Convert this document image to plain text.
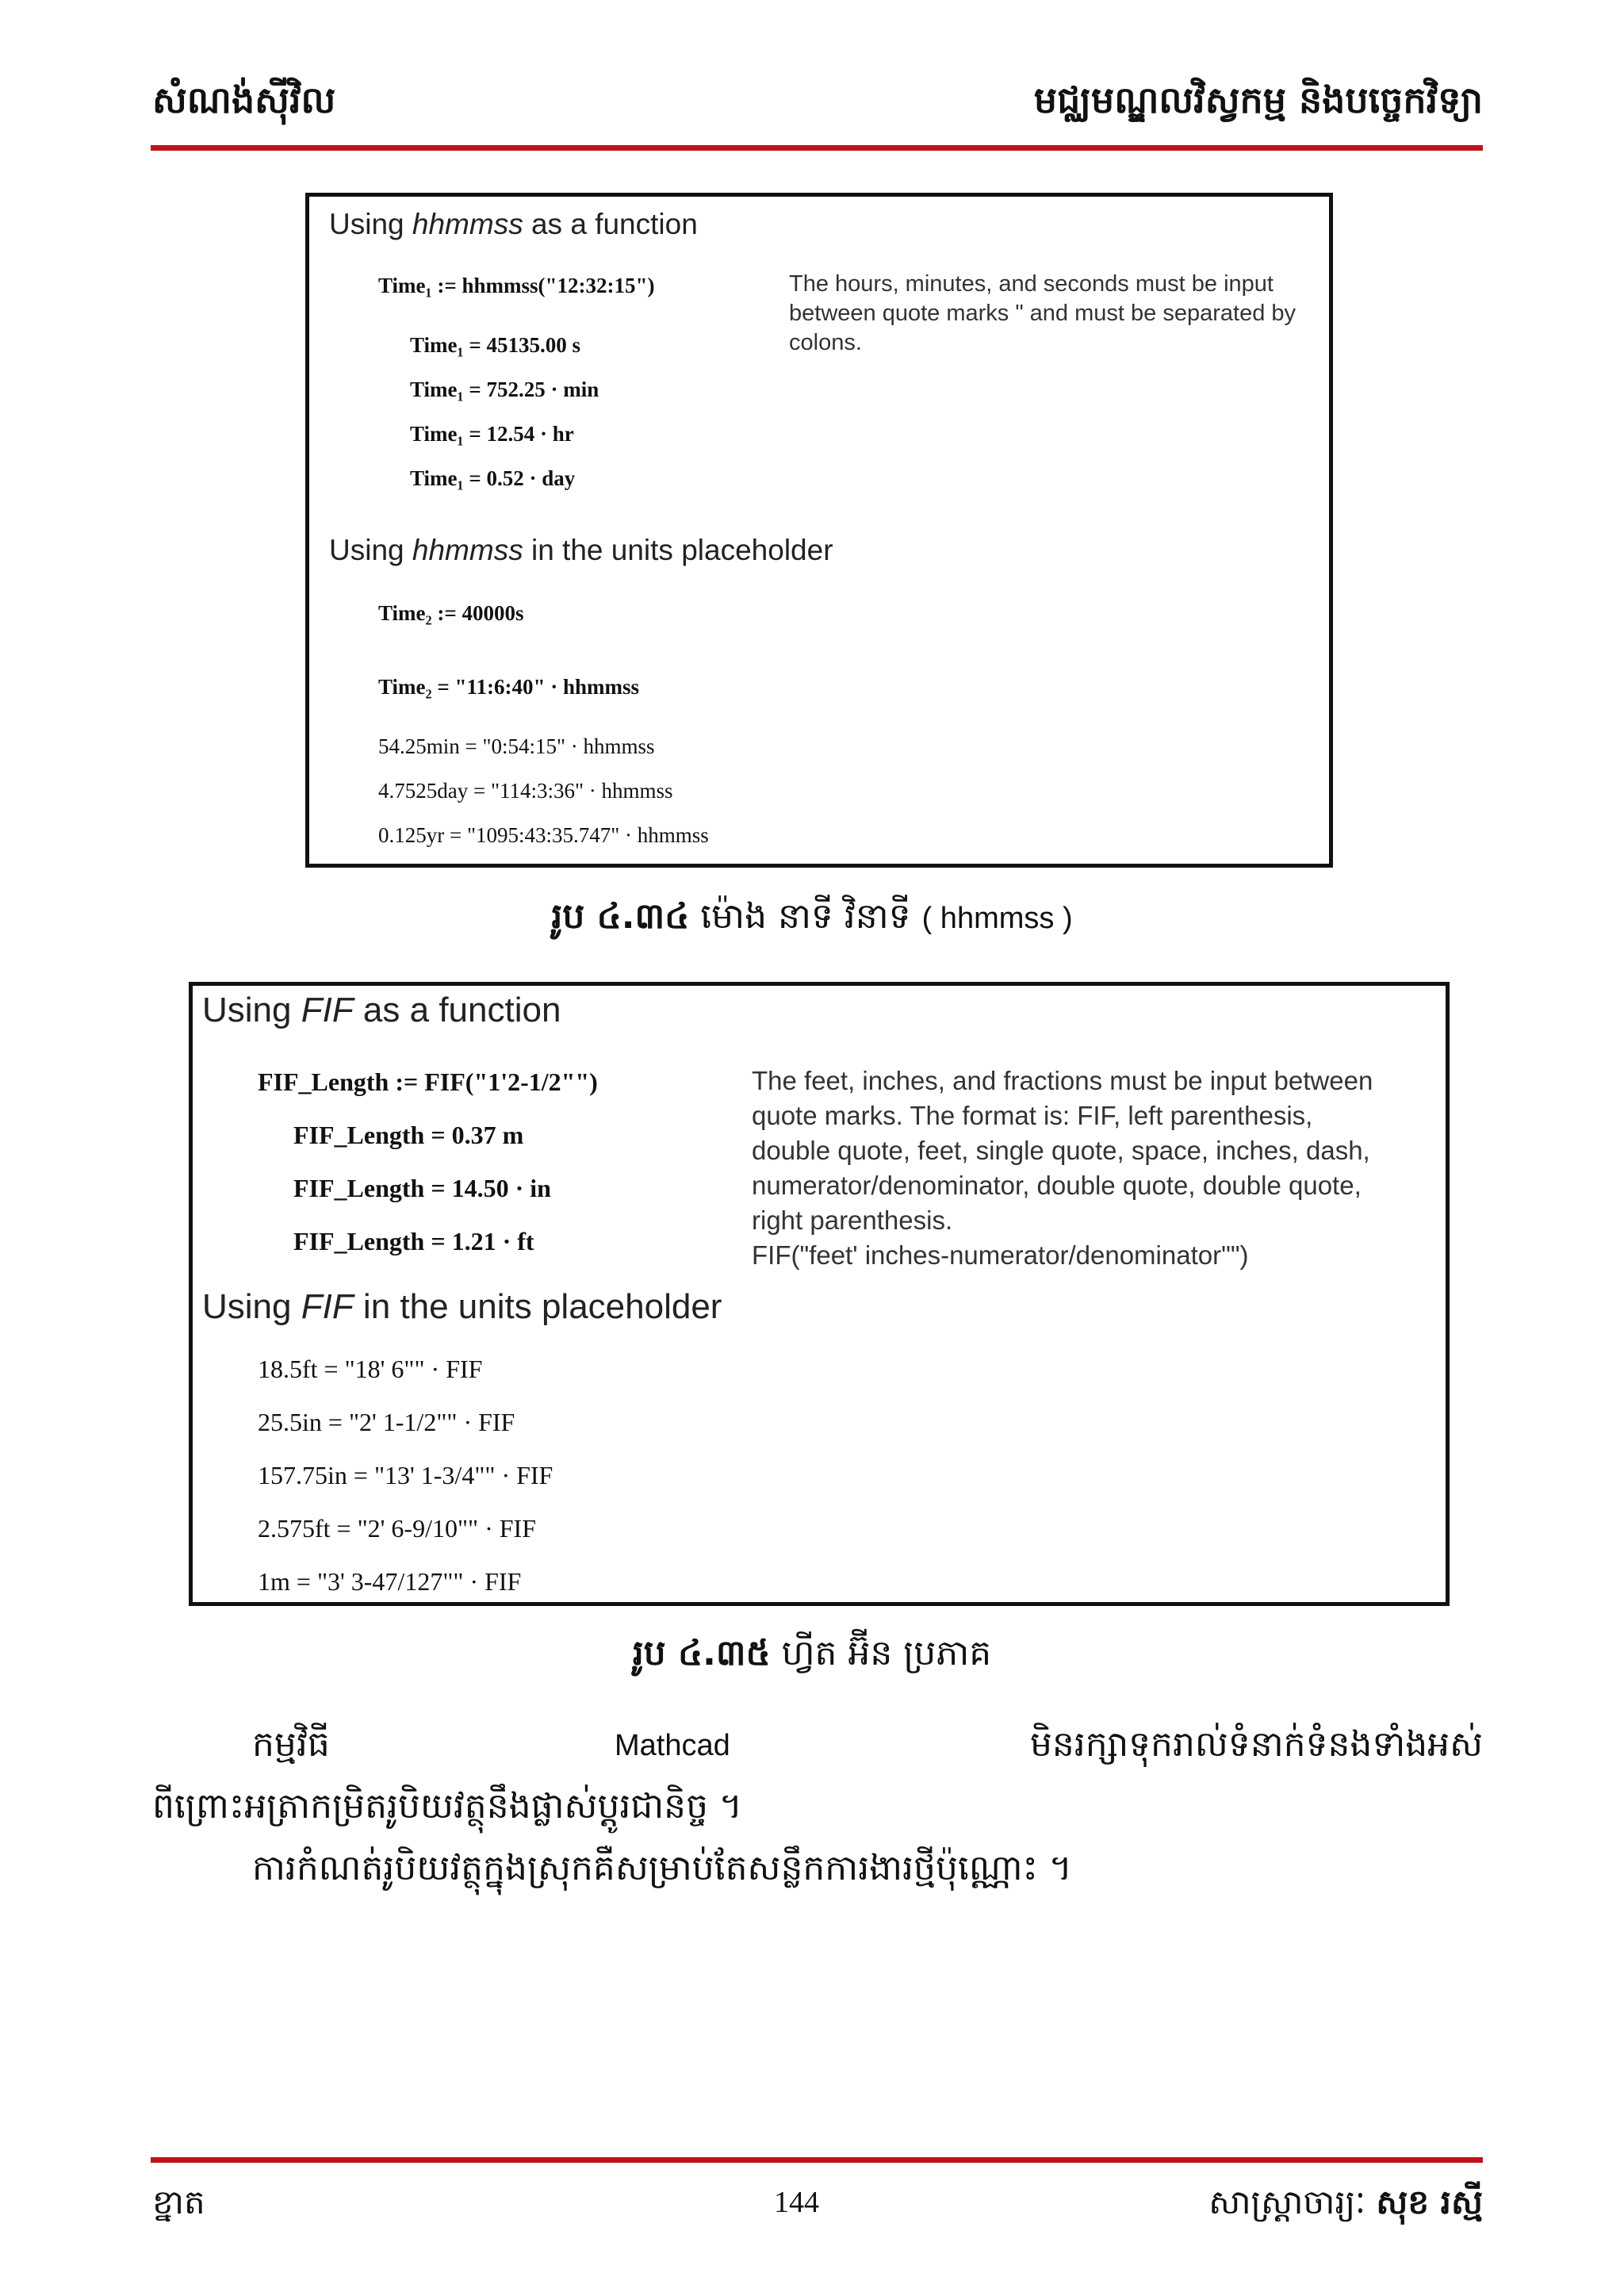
សំណង់ស៊ីវិល	មជ្ឈមណ្ឌលវិស្វកម្ម និងបច្ចេកវិទ្យា
Using hhmmss as a function
Time₁ := hhmmss("12:32:15")	The hours, minutes, and seconds must be input between quote marks " and must be separated by colons.
Time₁ = 45135.00 s
Time₁ = 752.25 · min
Time₁ = 12.54 · hr
Time₁ = 0.52 · day
Using hhmmss in the units placeholder
Time₂ := 40000s
Time₂ = "11:6:40" · hhmmss
54.25min = "0:54:15" · hhmmss
4.7525day = "114:3:36" · hhmmss
0.125yr = "1095:43:35.747" · hhmmss
រូប ៤.៣៤ ម៉ោង នាទី វិនាទី ( hhmmss )
Using FIF as a function
FIF_Length := FIF("1'2-1/2"")
FIF_Length = 0.37 m
FIF_Length = 14.50 · in
FIF_Length = 1.21 · ft
The feet, inches, and fractions must be input between
quote marks. The format is: FIF, left parenthesis,
double quote, feet, single quote, space, inches, dash,
numerator/denominator, double quote, double quote,
right parenthesis.
FIF("feet' inches-numerator/denominator"")
Using FIF in the units placeholder
18.5ft = "18' 6"" · FIF
25.5in = "2' 1-1/2"" · FIF
157.75in = "13' 1-3/4"" · FIF
2.575ft = "2' 6-9/10"" · FIF
1m = "3' 3-47/127"" · FIF
រូប ៤.៣៥ ហ្វីត អ៊ីន ប្រភាគ
កម្មវិធី	Mathcad	មិនរក្សាទុករាល់ទំនាក់ទំនងទាំងអស់
ពីព្រោះអត្រាកម្រិតរូបិយវត្ថុនឹងផ្លាស់ប្តូរជានិច្ច ។
ការកំណត់រូបិយវត្ថុក្នុងស្រុកគឺសម្រាប់តែសន្លឹកការងារថ្មីប៉ុណ្ណោះ ។
ខ្នាត	144	សាស្ត្រាចារ្យៈ សុខ រស្មី
